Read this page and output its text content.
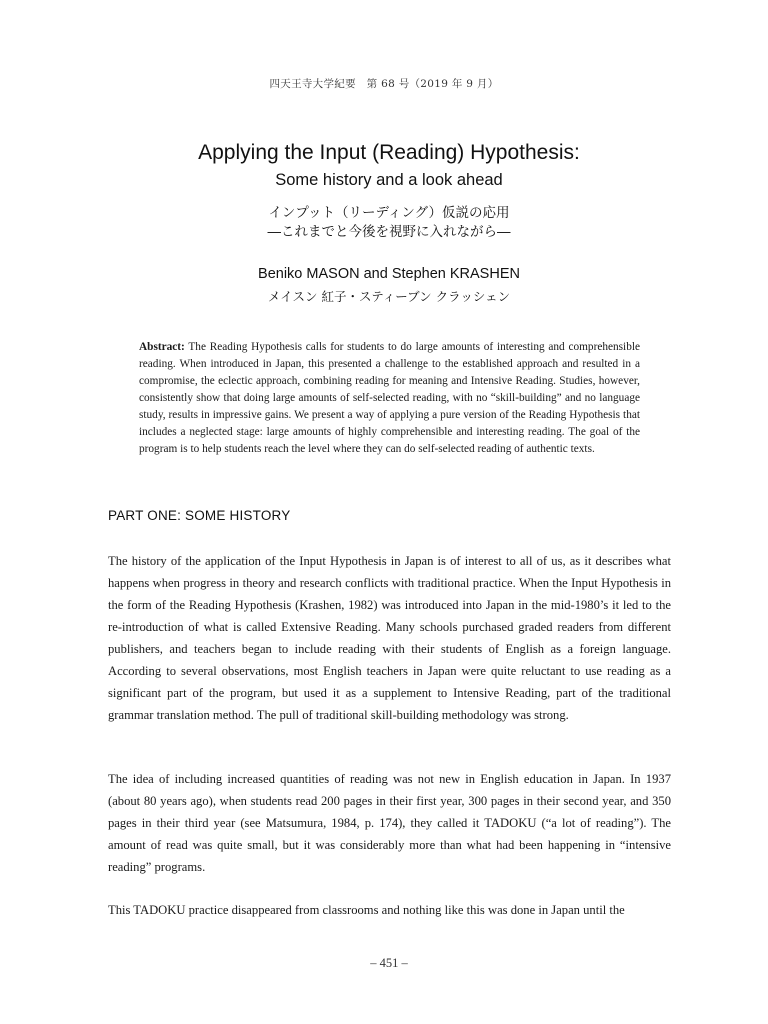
四天王寺大学紀要　第 68 号（2019 年 9 月）
Applying the Input (Reading) Hypothesis:
Some history and a look ahead
インプット（リーディング）仮説の応用
―これまでと今後を視野に入れながら―
Beniko MASON and Stephen KRASHEN
メイスン 紅子・スティーブン クラッシェン
Abstract: The Reading Hypothesis calls for students to do large amounts of interesting and comprehensible reading. When introduced in Japan, this presented a challenge to the established approach and resulted in a compromise, the eclectic approach, combining reading for meaning and Intensive Reading. Studies, however, consistently show that doing large amounts of self-selected reading, with no “skill-building” and no language study, results in impressive gains. We present a way of applying a pure version of the Reading Hypothesis that includes a neglected stage: large amounts of highly comprehensible and interesting reading. The goal of the program is to help students reach the level where they can do self-selected reading of authentic texts.
PART ONE: SOME HISTORY
The history of the application of the Input Hypothesis in Japan is of interest to all of us, as it describes what happens when progress in theory and research conflicts with traditional practice. When the Input Hypothesis in the form of the Reading Hypothesis (Krashen, 1982) was introduced into Japan in the mid-1980’s it led to the re-introduction of what is called Extensive Reading. Many schools purchased graded readers from different publishers, and teachers began to include reading with their students of English as a foreign language. According to several observations, most English teachers in Japan were quite reluctant to use reading as a significant part of the program, but used it as a supplement to Intensive Reading, part of the traditional grammar translation method. The pull of traditional skill-building methodology was strong.
The idea of including increased quantities of reading was not new in English education in Japan. In 1937 (about 80 years ago), when students read 200 pages in their first year, 300 pages in their second year, and 350 pages in their third year (see Matsumura, 1984, p. 174), they called it TADOKU (“a lot of reading”). The amount of read was quite small, but it was considerably more than what had been happening in “intensive reading” programs.
This TADOKU practice disappeared from classrooms and nothing like this was done in Japan until the
– 451 –
